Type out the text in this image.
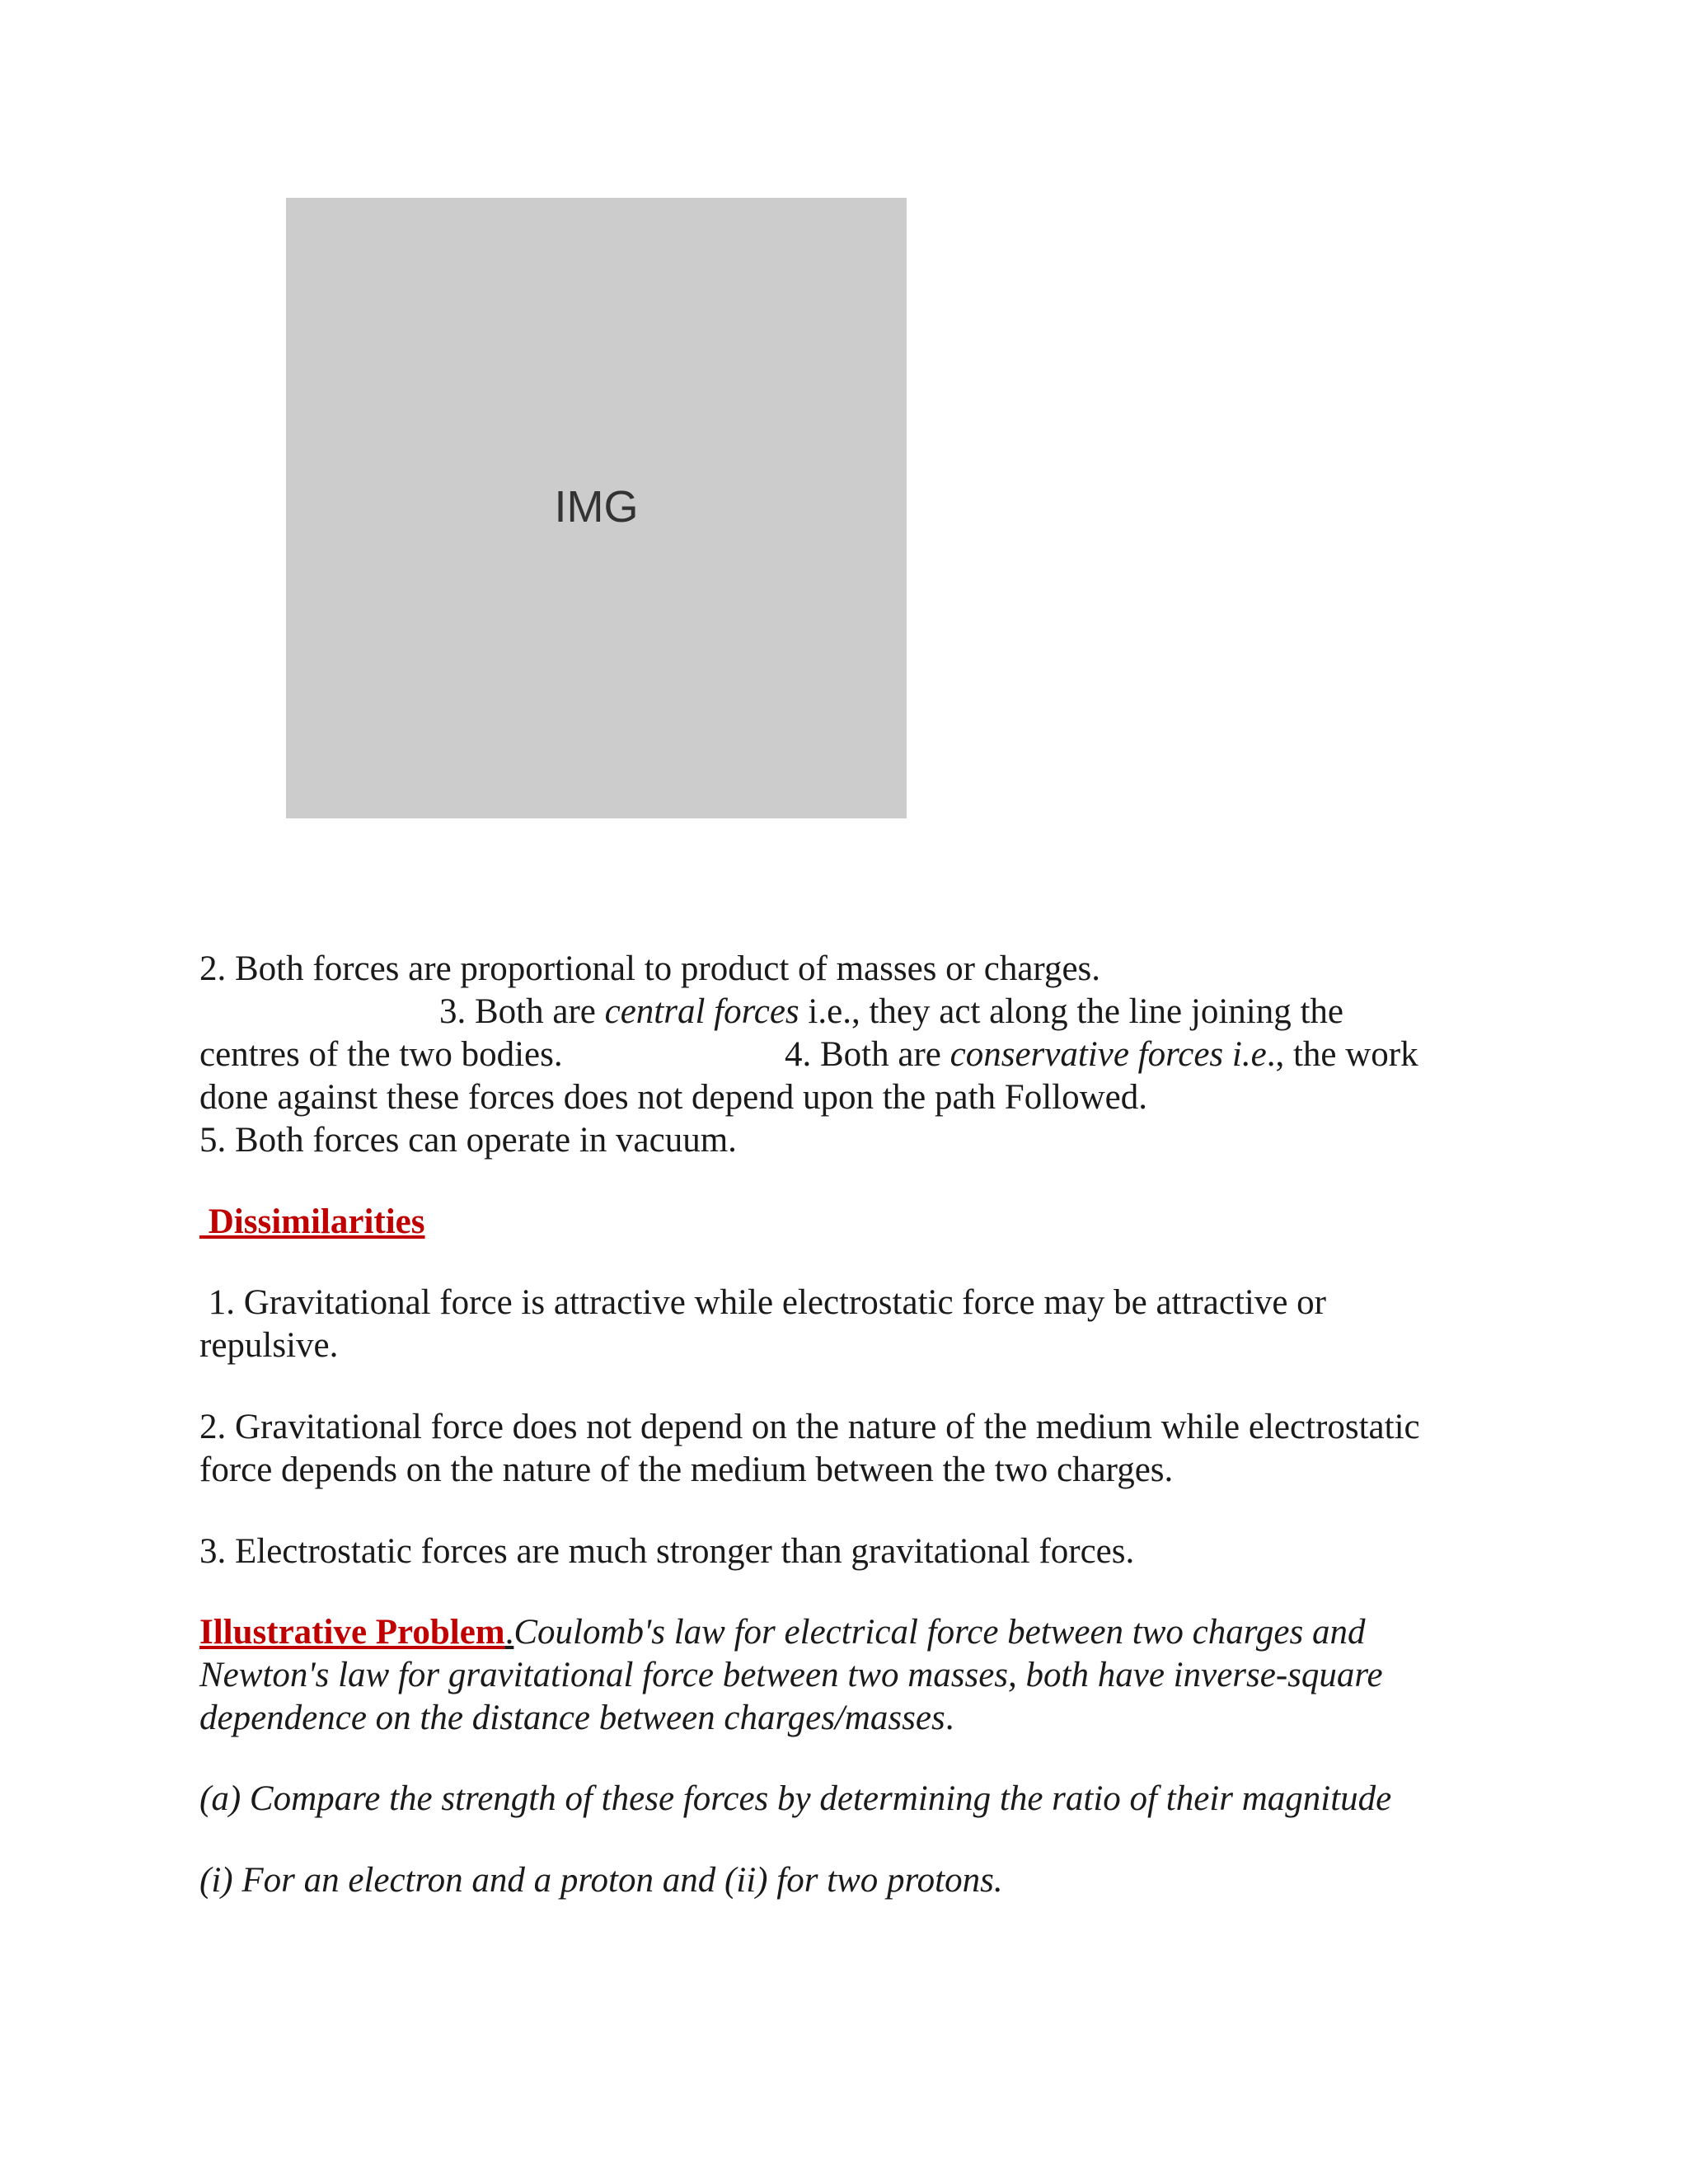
IMG
2. Both forces are proportional to product of masses or charges.
3. Both are central forces i.e., they act along the line joining the
centres of the two bodies.	4. Both are conservative forces i.e., the work
done against these forces does not depend upon the path Followed.
5. Both forces can operate in vacuum.
Dissimilarities
1. Gravitational force is attractive while electrostatic force may be attractive or
repulsive.
2. Gravitational force does not depend on the nature of the medium while electrostatic
force depends on the nature of the medium between the two charges.
3. Electrostatic forces are much stronger than gravitational forces.
Illustrative Problem.Coulomb's law for electrical force between two charges and
Newton's law for gravitational force between two masses, both have inverse-square
dependence on the distance between charges/masses.
(a) Compare the strength of these forces by determining the ratio of their magnitude
(i) For an electron and a proton and (ii) for two protons.
